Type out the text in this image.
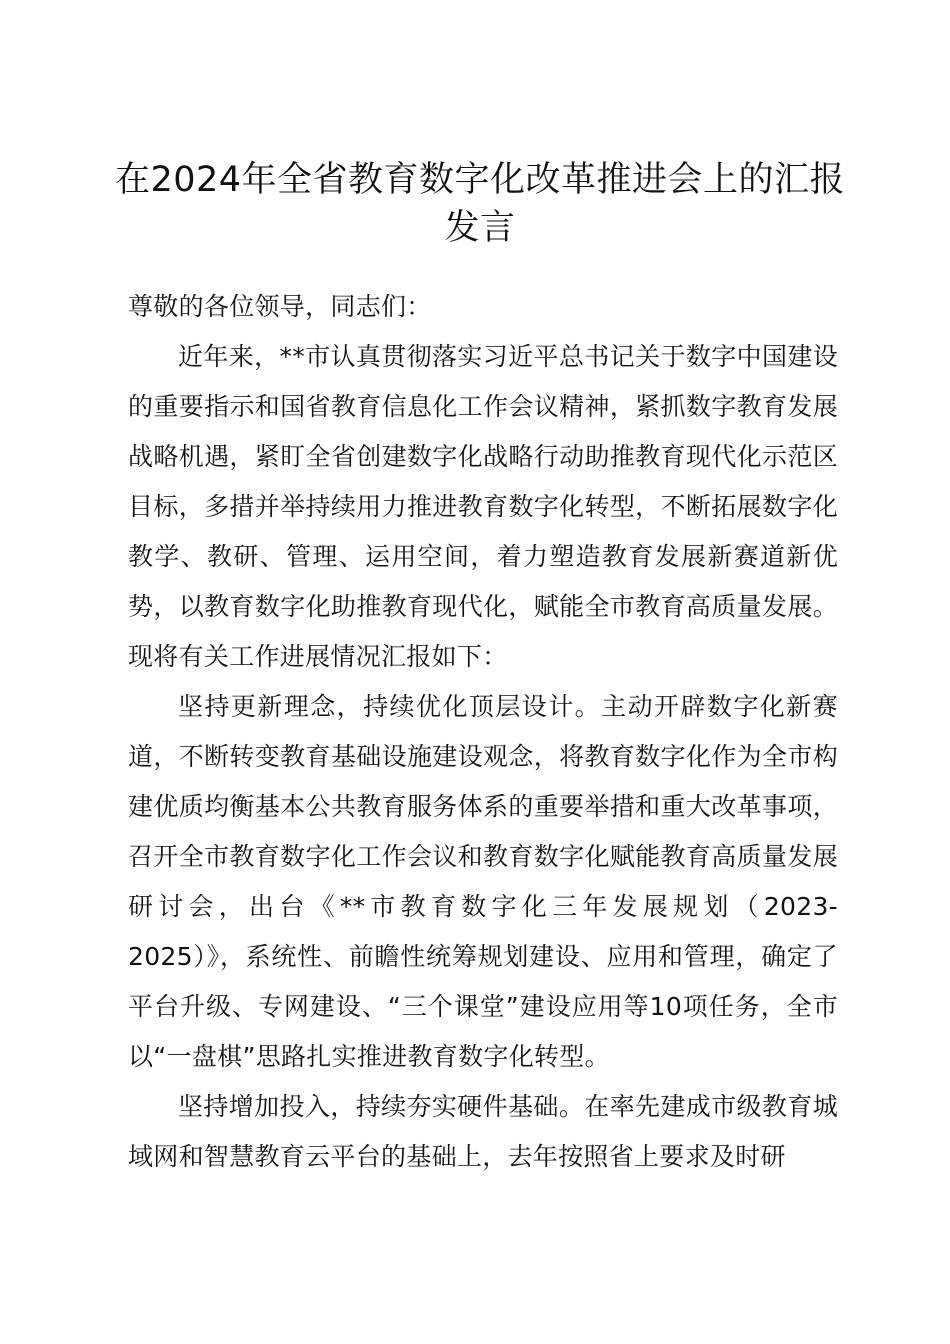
在2024年全省教育数字化改革推进会上的汇报发言

尊敬的各位领导，同志们：

近年来，**市认真贯彻落实习近平总书记关于数字中国建设的重要指示和国省教育信息化工作会议精神，紧抓数字教育发展战略机遇，紧盯全省创建数字化战略行动助推教育现代化示范区目标，多措并举持续用力推进教育数字化转型，不断拓展数字化教学、教研、管理、运用空间，着力塑造教育发展新赛道新优势，以教育数字化助推教育现代化，赋能全市教育高质量发展。现将有关工作进展情况汇报如下：

坚持更新理念，持续优化顶层设计。主动开辟数字化新赛道，不断转变教育基础设施建设观念，将教育数字化作为全市构建优质均衡基本公共教育服务体系的重要举措和重大改革事项，召开全市教育数字化工作会议和教育数字化赋能教育高质量发展研讨会，出台《**市教育数字化三年发展规划（2023-2025）》，系统性、前瞻性统筹规划建设、应用和管理，确定了平台升级、专网建设、“三个课堂”建设应用等10项任务，全市以“一盘棋”思路扎实推进教育数字化转型。

坚持增加投入，持续夯实硬件基础。在率先建成市级教育城域网和智慧教育云平台的基础上，去年按照省上要求及时研
